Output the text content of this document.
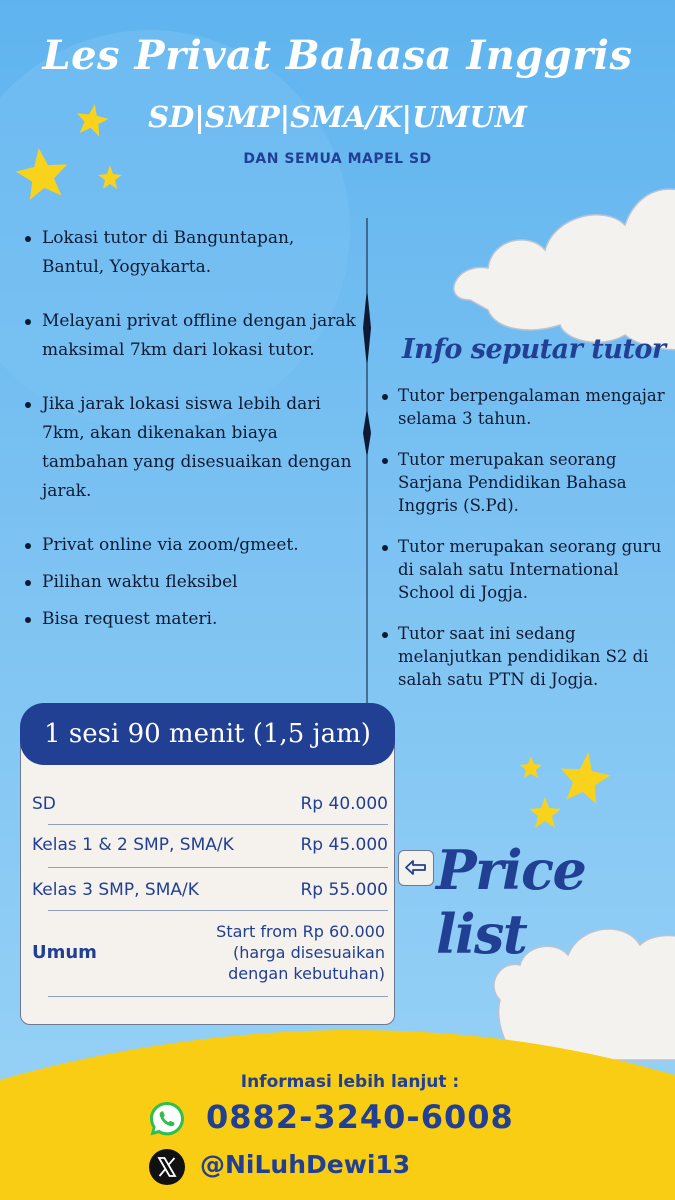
Les Privat Bahasa Inggris
SD|SMP|SMA/K|UMUM
DAN SEMUA MAPEL SD
Lokasi tutor di Banguntapan, Bantul, Yogyakarta.
Melayani privat offline dengan jarak maksimal 7km dari lokasi tutor.
Jika jarak lokasi siswa lebih dari 7km, akan dikenakan biaya tambahan yang disesuaikan dengan jarak.
Privat online via zoom/gmeet.
Pilihan waktu fleksibel
Bisa request materi.
Info seputar tutor
Tutor berpengalaman mengajar selama 3 tahun.
Tutor merupakan seorang Sarjana Pendidikan Bahasa Inggris (S.Pd).
Tutor merupakan seorang guru di salah satu International School di Jogja.
Tutor saat ini sedang melanjutkan pendidikan S2 di salah satu PTN di Jogja.
1 sesi 90 menit (1,5 jam)
SD	Rp 40.000
Kelas 1 & 2 SMP, SMA/K	Rp 45.000
Kelas 3 SMP, SMA/K	Rp 55.000
Umum
Start from Rp 60.000
(harga disesuaikan
dengan kebutuhan)
Price list
Informasi lebih lanjut :
0882-3240-6008
@NiLuhDewi13
